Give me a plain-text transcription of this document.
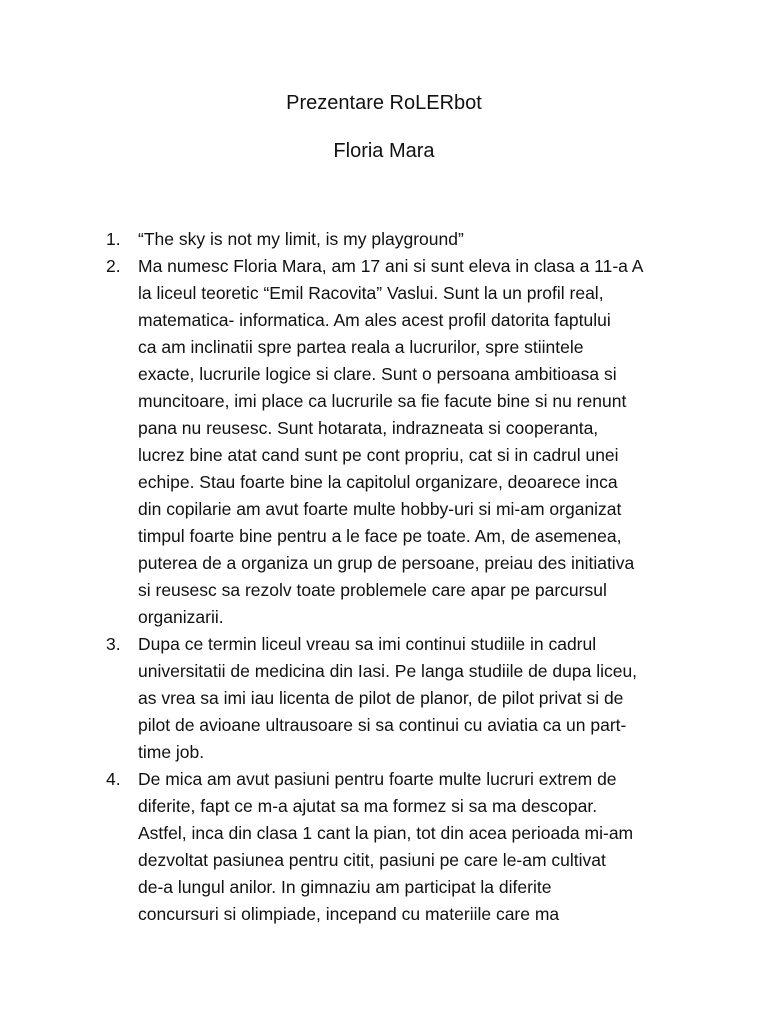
Prezentare RoLERbot
Floria Mara
1. “The sky is not my limit, is my playground”
2. Ma numesc Floria Mara, am 17 ani si sunt eleva in clasa a 11-a A
la liceul teoretic “Emil Racovita” Vaslui. Sunt la un profil real,
matematica- informatica. Am ales acest profil datorita faptului
ca am inclinatii spre partea reala a lucrurilor, spre stiintele
exacte, lucrurile logice si clare. Sunt o persoana ambitioasa si
muncitoare, imi place ca lucrurile sa fie facute bine si nu renunt
pana nu reusesc. Sunt hotarata, indrazneata si cooperanta,
lucrez bine atat cand sunt pe cont propriu, cat si in cadrul unei
echipe. Stau foarte bine la capitolul organizare, deoarece inca
din copilarie am avut foarte multe hobby-uri si mi-am organizat
timpul foarte bine pentru a le face pe toate. Am, de asemenea,
puterea de a organiza un grup de persoane, preiau des initiativa
si reusesc sa rezolv toate problemele care apar pe parcursul
organizarii.
3. Dupa ce termin liceul vreau sa imi continui studiile in cadrul
universitatii de medicina din Iasi. Pe langa studiile de dupa liceu,
as vrea sa imi iau licenta de pilot de planor, de pilot privat si de
pilot de avioane ultrausoare si sa continui cu aviatia ca un part-
time job.
4. De mica am avut pasiuni pentru foarte multe lucruri extrem de
diferite, fapt ce m-a ajutat sa ma formez si sa ma descopar.
Astfel, inca din clasa 1 cant la pian, tot din acea perioada mi-am
dezvoltat pasiunea pentru citit, pasiuni pe care le-am cultivat
de-a lungul anilor. In gimnaziu am participat la diferite
concursuri si olimpiade, incepand cu materiile care ma
